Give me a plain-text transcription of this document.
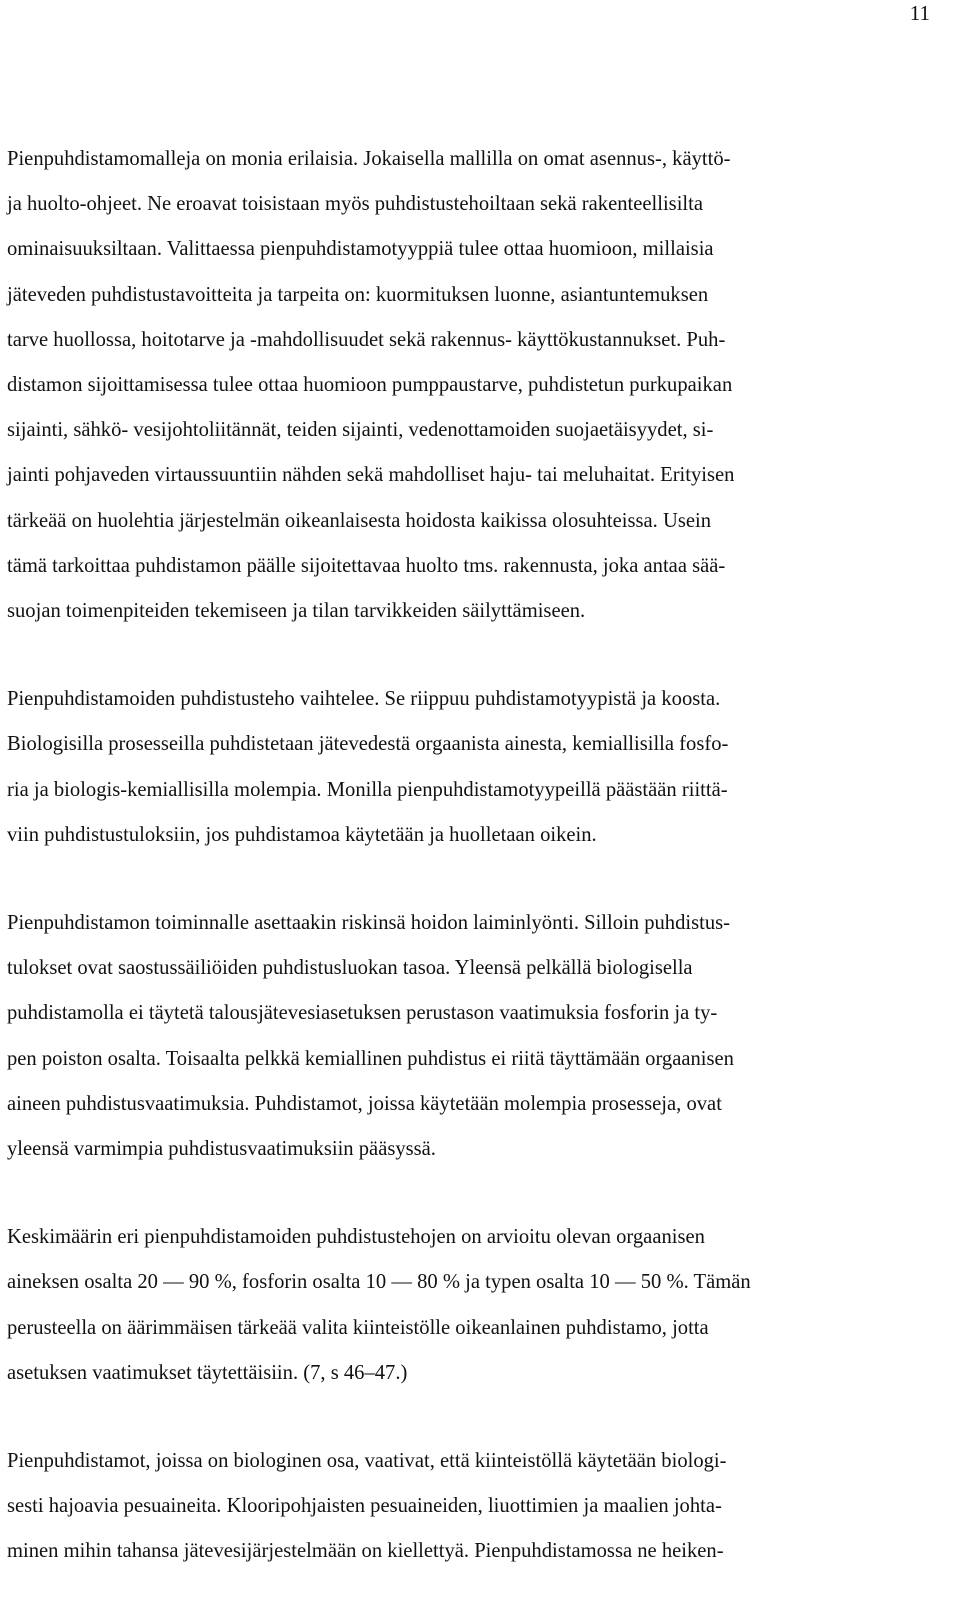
11

Pienpuhdistamomalleja on monia erilaisia. Jokaisella mallilla on omat asennus-, käyttö-
ja huolto-ohjeet. Ne eroavat toisistaan myös puhdistustehoiltaan sekä rakenteellisilta
ominaisuuksiltaan. Valittaessa pienpuhdistamotyyppiä tulee ottaa huomioon, millaisia
jäteveden puhdistustavoitteita ja tarpeita on: kuormituksen luonne, asiantuntemuksen
tarve huollossa, hoitotarve ja -mahdollisuudet sekä rakennus- käyttökustannukset. Puh-
distamon sijoittamisessa tulee ottaa huomioon pumppaustarve, puhdistetun purkupaikan
sijainti, sähkö- vesijohtoliitännät, teiden sijainti, vedenottamoiden suojaetäisyydet, si-
jainti pohjaveden virtaussuuntiin nähden sekä mahdolliset haju- tai meluhaitat. Erityisen
tärkeää on huolehtia järjestelmän oikeanlaisesta hoidosta kaikissa olosuhteissa. Usein
tämä tarkoittaa puhdistamon päälle sijoitettavaa huolto tms. rakennusta, joka antaa sää-
suojan toimenpiteiden tekemiseen ja tilan tarvikkeiden säilyttämiseen.

Pienpuhdistamoiden puhdistusteho vaihtelee. Se riippuu puhdistamotyypistä ja koosta.
Biologisilla prosesseilla puhdistetaan jätevedestä orgaanista ainesta, kemiallisilla fosfo-
ria ja biologis-kemiallisilla molempia. Monilla pienpuhdistamotyypeillä päästään riittä-
viin puhdistustuloksiin, jos puhdistamoa käytetään ja huolletaan oikein.

Pienpuhdistamon toiminnalle asettaakin riskinsä hoidon laiminlyönti. Silloin puhdistus-
tulokset ovat saostussäiliöiden puhdistusluokan tasoa. Yleensä pelkällä biologisella
puhdistamolla ei täytetä talousjätevesiasetuksen perustason vaatimuksia fosforin ja ty-
pen poiston osalta. Toisaalta pelkkä kemiallinen puhdistus ei riitä täyttämään orgaanisen
aineen puhdistusvaatimuksia. Puhdistamot, joissa käytetään molempia prosesseja, ovat
yleensä varmimpia puhdistusvaatimuksiin pääsyssä.

Keskimäärin eri pienpuhdistamoiden puhdistustehojen on arvioitu olevan orgaanisen
aineksen osalta 20 — 90 %, fosforin osalta 10 — 80 % ja typen osalta 10 — 50 %. Tämän
perusteella on äärimmäisen tärkeää valita kiinteistölle oikeanlainen puhdistamo, jotta
asetuksen vaatimukset täytettäisiin. (7, s 46–47.)

Pienpuhdistamot, joissa on biologinen osa, vaativat, että kiinteistöllä käytetään biologi-
sesti hajoavia pesuaineita. Klooripohjaisten pesuaineiden, liuottimien ja maalien johta-
minen mihin tahansa jätevesijärjestelmään on kiellettyä. Pienpuhdistamossa ne heiken-
